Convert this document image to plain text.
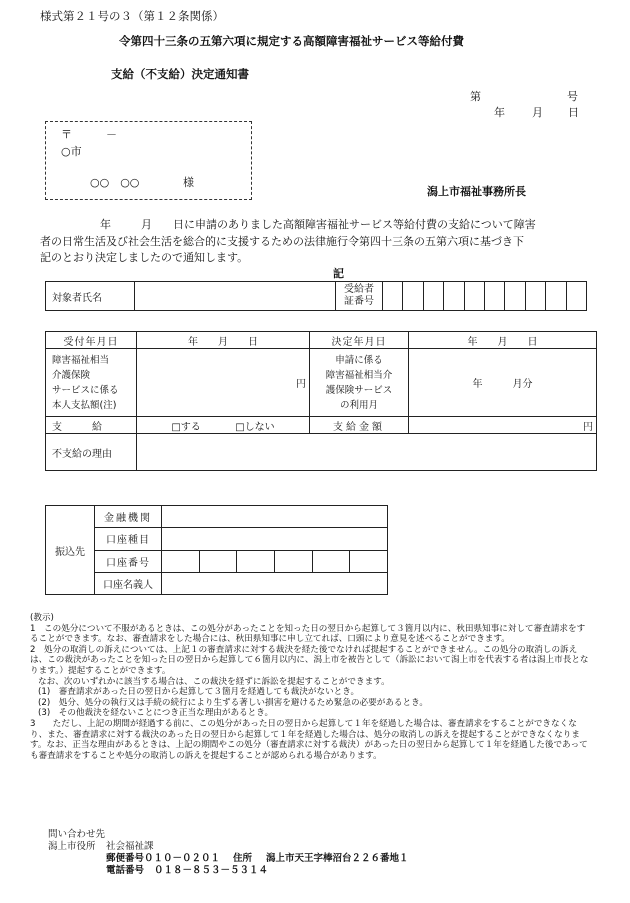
様式第２１号の３（第１２条関係）
令第四十三条の五第六項に規定する高額障害福祉サービス等給付費
支給（不支給）決定通知書
第	号
年 月 日
〒	－
○市
○○　○○	様
潟上市福祉事務所長
年	月 日に申請のありました高額障害福祉サービス等給付費の支給について障害
者の日常生活及び社会生活を総合的に支援するための法律施行令第四十三条の五第六項に基づき下
記のとおり決定しましたので通知します。
記
対象者氏名		受給者
証番号										
受付年月日	年　　月　　日	決定年月日	年　　月　　日
障害福祉相当
介護保険
サービスに係る
本人支払額(注)	円	申請に係る
障害福祉相当介
護保険サービス
の利用月	年　　　月分
支　　　給	□する □しない	支給金額	円
不支給の理由			
振込先	金融機関						
	口座種目						
	口座番号						
	口座名義人						

(教示)

1　この処分について不服があるときは、この処分があったことを知った日の翌日から起算して３箇月以内に、秋田県知事に対して審査請求をすることができます。なお、審査請求をした場合には、秋田県知事に申し立てれば、口頭により意見を述べることができます。

2　処分の取消しの訴えについては、上記１の審査請求に対する裁決を経た後でなければ提起することができません。この処分の取消しの訴えは、この裁決があったことを知った日の翌日から起算して６箇月以内に、潟上市を被告として（訴訟において潟上市を代表する者は潟上市長となります。）提起することができます。

なお、次のいずれかに該当する場合は、この裁決を経ずに訴訟を提起することができます。

(1)　審査請求があった日の翌日から起算して３箇月を経過しても裁決がないとき。

(2)　処分、処分の執行又は手続の続行により生ずる著しい損害を避けるため緊急の必要があるとき。

(3)　その他裁決を経ないことにつき正当な理由があるとき。

3　　ただし、上記の期間が経過する前に、この処分があった日の翌日から起算して１年を経過した場合は、審査請求をすることができなくなり、また、審査請求に対する裁決のあった日の翌日から起算して１年を経過した場合は、処分の取消しの訴えを提起することができなくなります。なお、正当な理由があるときは、上記の期間やこの処分（審査請求に対する裁決）があった日の翌日から起算して１年を経過した後であっても審査請求をすることや処分の取消しの訴えを提起することが認められる場合があります。

問い合わせ先
潟上市役所 社会福祉課
郵便番号０１０－０２０１ 住所 潟上市天王字棒沼台２２６番地１
電話番号 ０１８－８５３－５３１４
